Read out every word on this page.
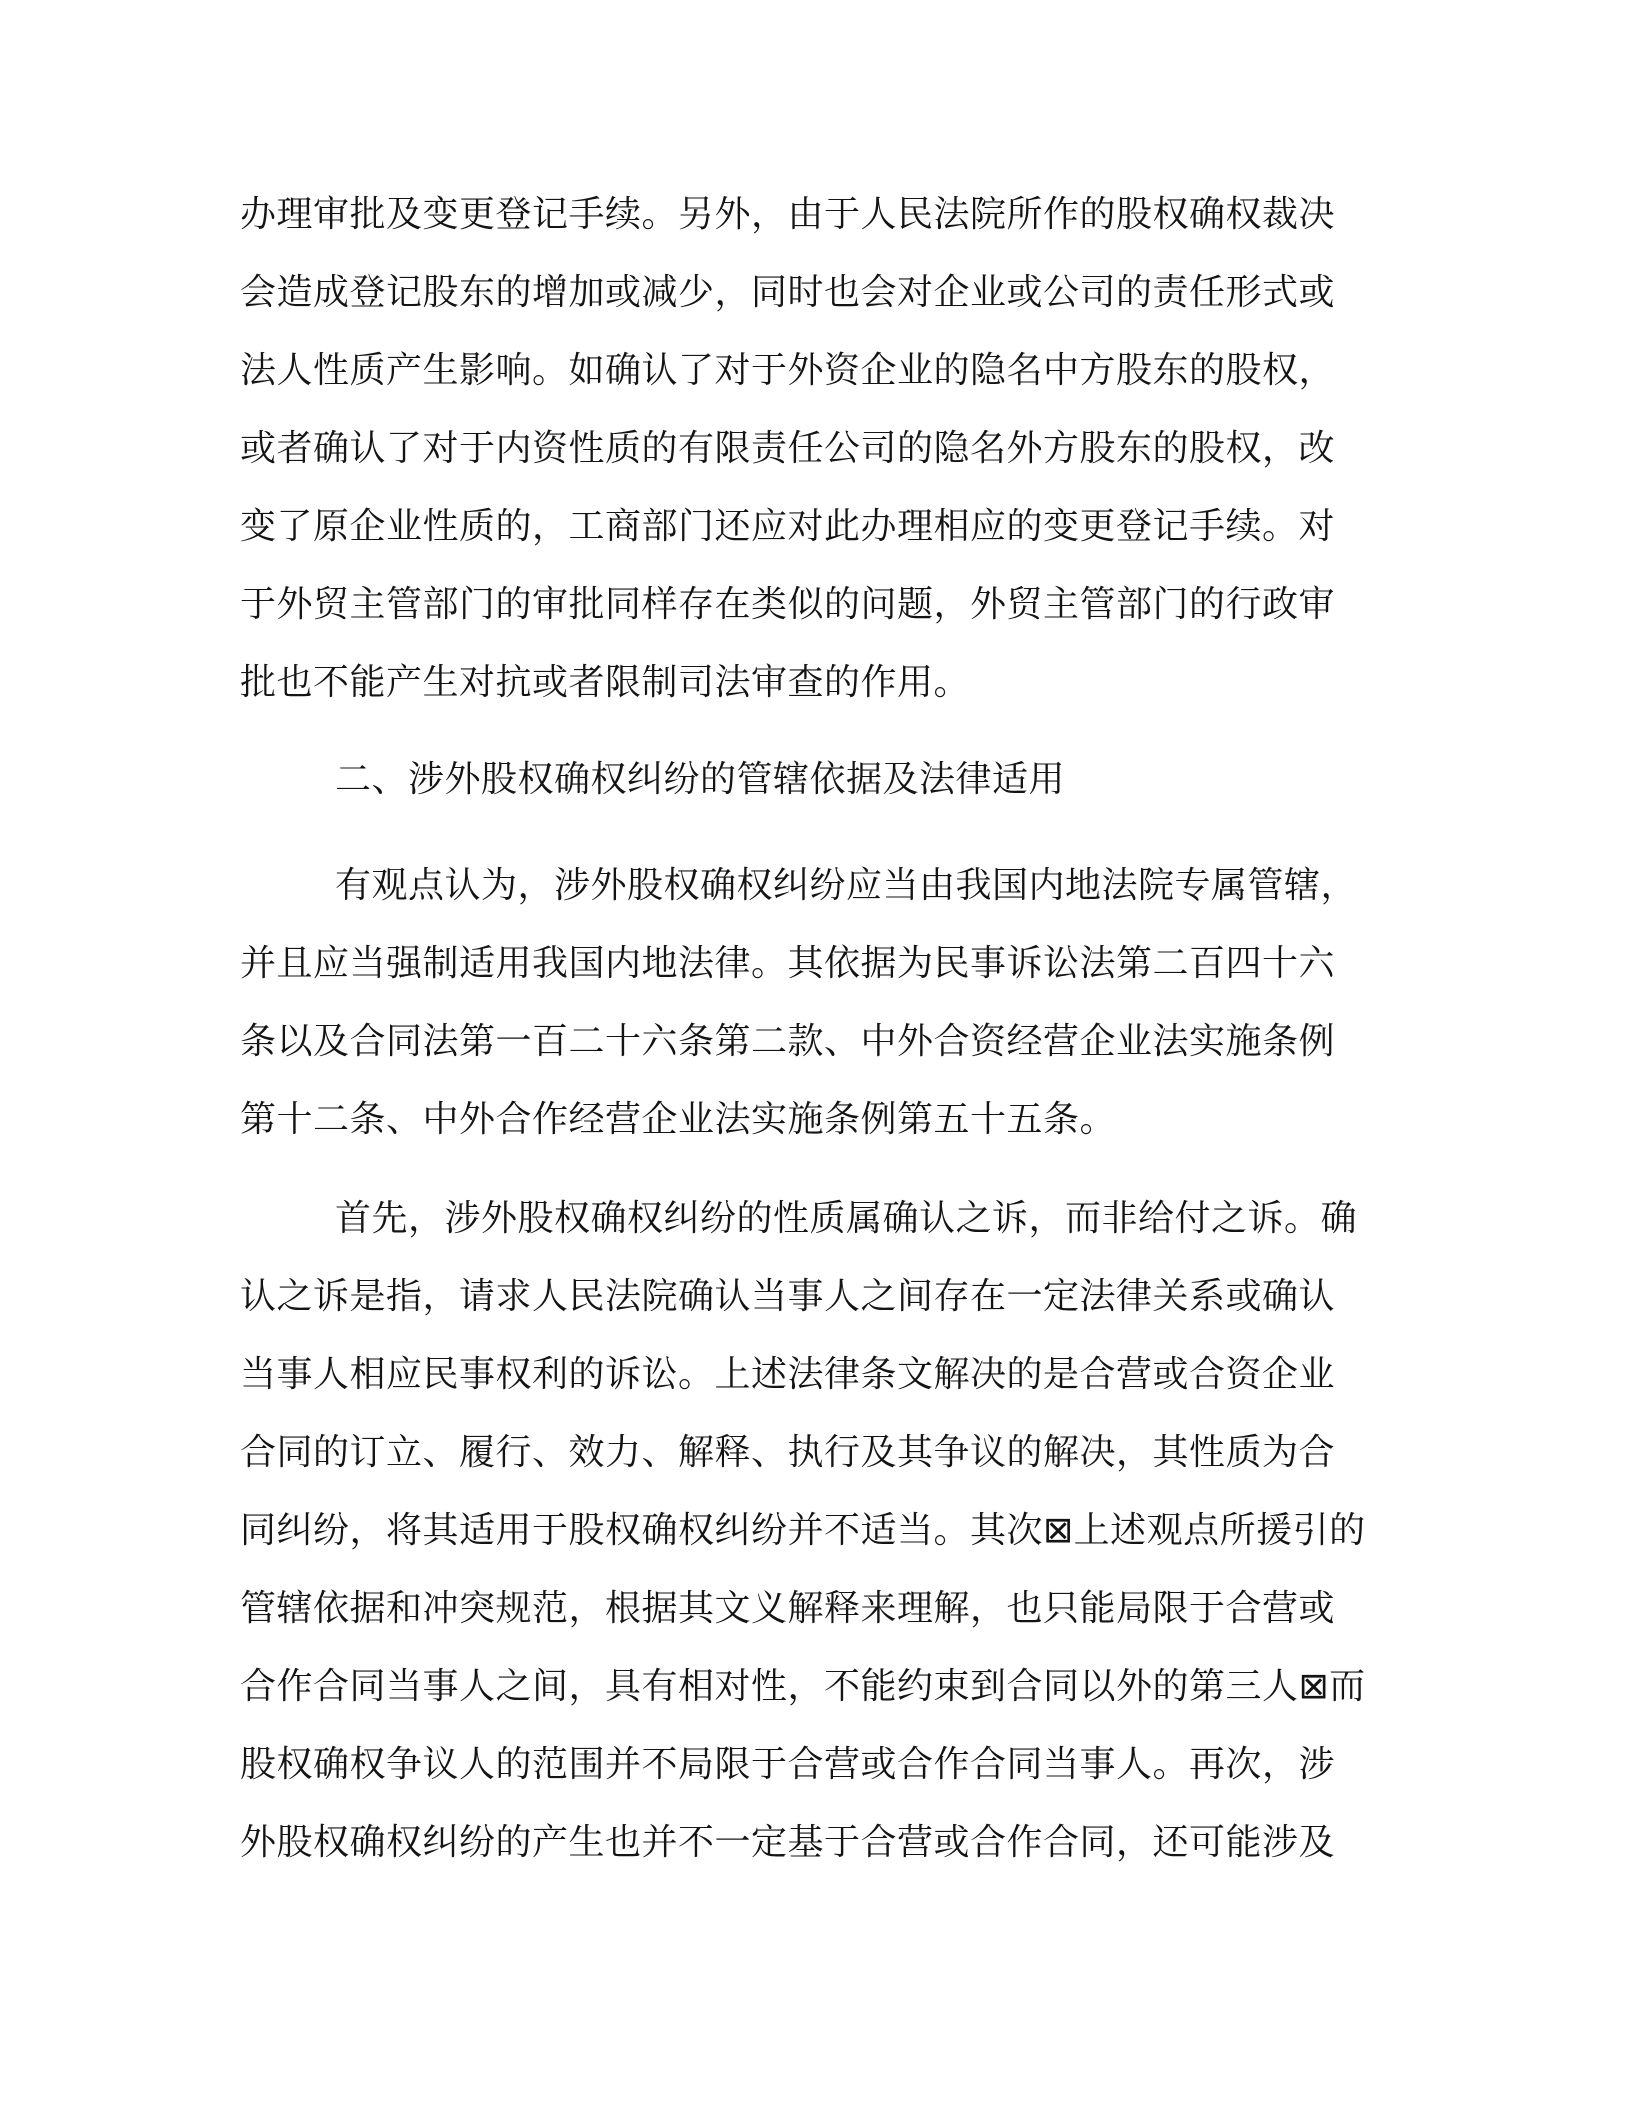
办理审批及变更登记手续。另外，由于人民法院所作的股权确权裁决
会造成登记股东的增加或减少，同时也会对企业或公司的责任形式或
法人性质产生影响。如确认了对于外资企业的隐名中方股东的股权，
或者确认了对于内资性质的有限责任公司的隐名外方股东的股权，改
变了原企业性质的，工商部门还应对此办理相应的变更登记手续。对
于外贸主管部门的审批同样存在类似的问题，外贸主管部门的行政审
批也不能产生对抗或者限制司法审查的作用。
二、涉外股权确权纠纷的管辖依据及法律适用
有观点认为，涉外股权确权纠纷应当由我国内地法院专属管辖，
并且应当强制适用我国内地法律。其依据为民事诉讼法第二百四十六
条以及合同法第一百二十六条第二款、中外合资经营企业法实施条例
第十二条、中外合作经营企业法实施条例第五十五条。
首先，涉外股权确权纠纷的性质属确认之诉，而非给付之诉。确
认之诉是指，请求人民法院确认当事人之间存在一定法律关系或确认
当事人相应民事权利的诉讼。上述法律条文解决的是合营或合资企业
合同的订立、履行、效力、解释、执行及其争议的解决，其性质为合
同纠纷，将其适用于股权确权纠纷并不适当。其次⊠上述观点所援引的
管辖依据和冲突规范，根据其文义解释来理解，也只能局限于合营或
合作合同当事人之间，具有相对性，不能约束到合同以外的第三人⊠而
股权确权争议人的范围并不局限于合营或合作合同当事人。再次，涉
外股权确权纠纷的产生也并不一定基于合营或合作合同，还可能涉及
